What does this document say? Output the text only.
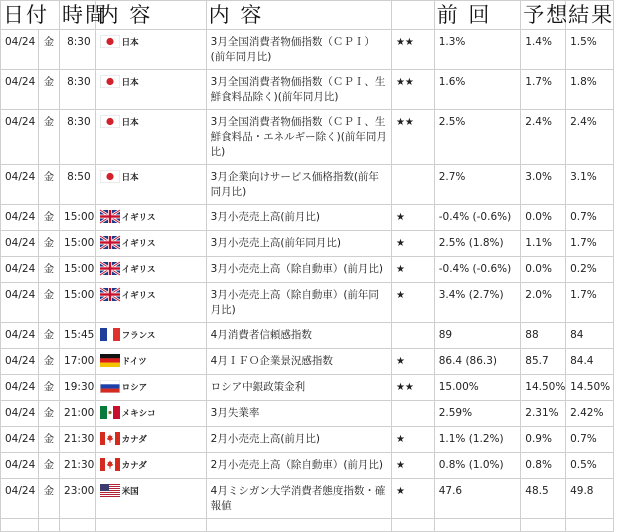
日付		時間	内 容	内 容		前 回	予想	結果
04/24	金	8:30	日本	3月全国消費者物価指数（ＣＰＩ）(前年同月比)	★★	1.3%	1.4%	1.5%
04/24	金	8:30	日本	3月全国消費者物価指数（ＣＰＩ、生鮮食料品除く)(前年同月比)	★★	1.6%	1.7%	1.8%
04/24	金	8:30	日本	3月全国消費者物価指数（ＣＰＩ、生鮮食料品・エネルギー除く)(前年同月比)	★★	2.5%	2.4%	2.4%
04/24	金	8:50	日本	3月企業向けサービス価格指数(前年同月比)		2.7%	3.0%	3.1%
04/24	金	15:00	イギリス	3月小売売上高(前月比)	★	-0.4% (-0.6%)	0.0%	0.7%
04/24	金	15:00	イギリス	3月小売売上高(前年同月比)	★	2.5% (1.8%)	1.1%	1.7%
04/24	金	15:00	イギリス	3月小売売上高（除自動車）(前月比)	★	-0.4% (-0.6%)	0.0%	0.2%
04/24	金	15:00	イギリス	3月小売売上高（除自動車）(前年同月比)	★	3.4% (2.7%)	2.0%	1.7%
04/24	金	15:45	フランス	4月消費者信頼感指数		89	88	84
04/24	金	17:00	ドイツ	4月ＩＦＯ企業景況感指数	★	86.4 (86.3)	85.7	84.4
04/24	金	19:30	ロシア	ロシア中銀政策金利	★★	15.00%	14.50%	14.50%
04/24	金	21:00	メキシコ	3月失業率		2.59%	2.31%	2.42%
04/24	金	21:30	カナダ	2月小売売上高(前月比)	★	1.1% (1.2%)	0.9%	0.7%
04/24	金	21:30	カナダ	2月小売売上高（除自動車）(前月比)	★	0.8% (1.0%)	0.8%	0.5%
04/24	金	23:00	米国	4月ミシガン大学消費者態度指数・確報値	★	47.6	48.5	49.8
